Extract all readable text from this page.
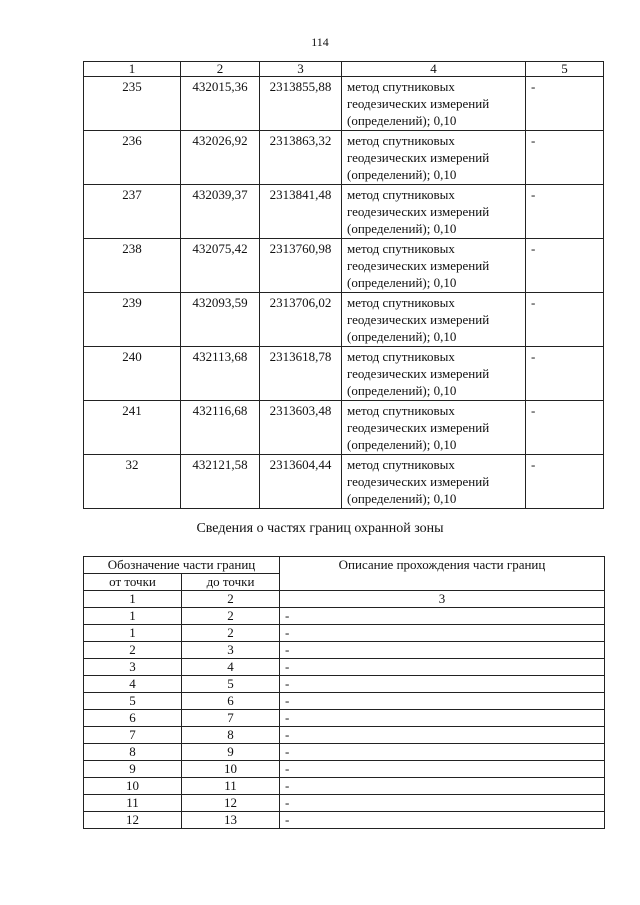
114
1	2	3	4	5
235	432015,36	2313855,88	метод спутниковых
геодезических измерений
(определений); 0,10	-
236	432026,92	2313863,32	метод спутниковых
геодезических измерений
(определений); 0,10	-
237	432039,37	2313841,48	метод спутниковых
геодезических измерений
(определений); 0,10	-
238	432075,42	2313760,98	метод спутниковых
геодезических измерений
(определений); 0,10	-
239	432093,59	2313706,02	метод спутниковых
геодезических измерений
(определений); 0,10	-
240	432113,68	2313618,78	метод спутниковых
геодезических измерений
(определений); 0,10	-
241	432116,68	2313603,48	метод спутниковых
геодезических измерений
(определений); 0,10	-
32	432121,58	2313604,44	метод спутниковых
геодезических измерений
(определений); 0,10	-
Сведения о частях границ охранной зоны
Обозначение части границ		Описание прохождения части границ
от точки	до точки	
1	2	3
1	2	-
1	2	-
2	3	-
3	4	-
4	5	-
5	6	-
6	7	-
7	8	-
8	9	-
9	10	-
10	11	-
11	12	-
12	13	-
